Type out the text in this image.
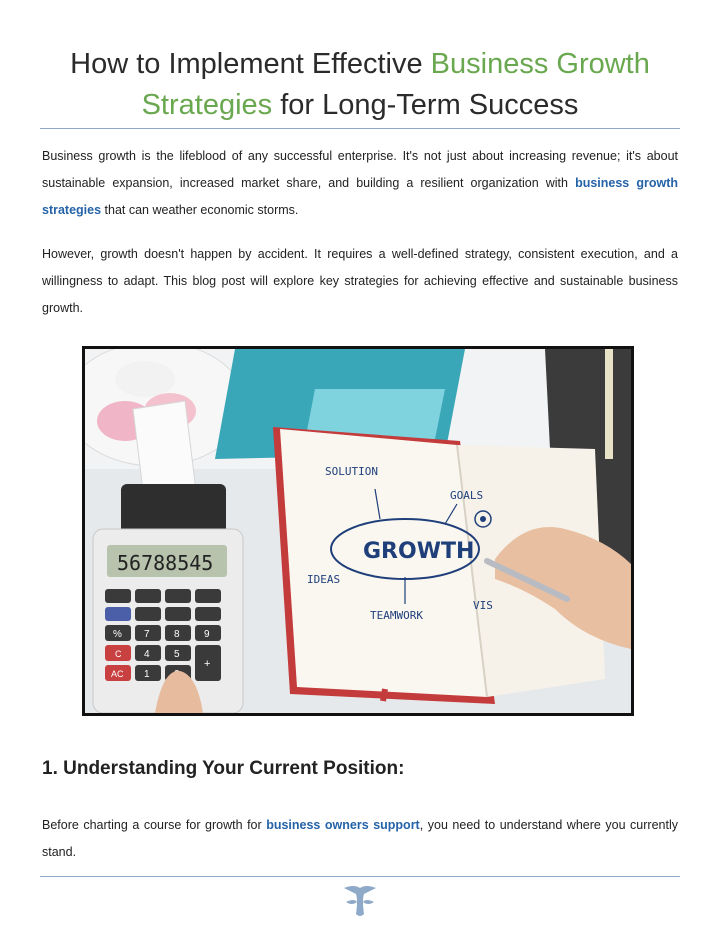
How to Implement Effective Business Growth
Strategies for Long-Term Success

Business growth is the lifeblood of any successful enterprise. It's not just about increasing revenue; it's about sustainable expansion, increased market share, and building a resilient organization with business growth strategies that can weather economic storms.

However, growth doesn't happen by accident. It requires a well-defined strategy, consistent execution, and a willingness to adapt. This blog post will explore key strategies for achieving effective and sustainable business growth.

SOLUTION
GOALS
GROWTH
IDEAS
TEAMWORK
VIS
56788545
% 7 8 9
4 5
C
1
AC
+
1. Understanding Your Current Position:

Before charting a course for growth for business owners support, you need to understand where you currently stand.
